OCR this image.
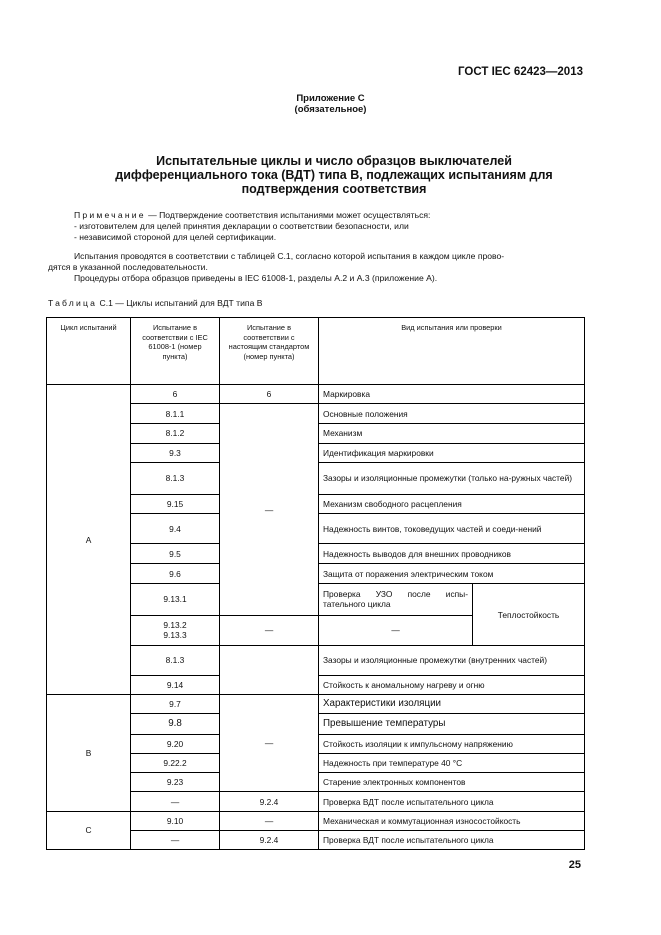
ГОСТ IEC 62423—2013
Приложение С
(обязательное)
Испытательные циклы и число образцов выключателей
дифференциального тока (ВДТ) типа В, подлежащих испытаниям для
подтверждения соответствия
Примечание — Подтверждение соответствия испытаниями может осуществляться:
- изготовителем для целей принятия декларации о соответствии безопасности, или
- независимой стороной для целей сертификации.
Испытания проводятся в соответствии с таблицей С.1, согласно которой испытания в каждом цикле прово-
дятся в указанной последовательности.
Процедуры отбора образцов приведены в IEC 61008-1, разделы А.2 и А.3 (приложение А).
Таблица С.1 — Циклы испытаний для ВДТ типа В
Цикл испытаний	Испытание в соответствии с IEC 61008-1 (номер пункта)	Испытание в соответствии с настоящим стандартом (номер пункта)	Вид испытания или проверки	
А	6	6	Маркировка	
	8.1.1	—	Основные положения	
	8.1.2		Механизм	
	9.3		Идентификация маркировки	
	8.1.3		Зазоры и изоляционные промежутки (только на-ружных частей)	
	9.15		Механизм свободного расцепления	
	9.4		Надежность винтов, токоведущих частей и соеди-нений	
	9.5		Надежность выводов для внешних проводников	
	9.6		Защита от поражения электрическим током	
	9.13.1		Проверка УЗО после испы-тательного цикла	Теплостойкость
	9.13.2
9.13.3	—	—	
	8.1.3		Зазоры и изоляционные промежутки (внутренних частей)	
	9.14		Стойкость к аномальному нагреву и огню	
В	9.7	—	Характеристики изоляции	
	9.8		Превышение температуры	
	9.20		Стойкость изоляции к импульсному напряжению	
	9.22.2		Надежность при температуре 40 °С	
	9.23		Старение электронных компонентов	
	—	9.2.4	Проверка ВДТ после испытательного цикла	
С	9.10	—	Механическая и коммутационная износостойкость	
	—	9.2.4	Проверка ВДТ после испытательного цикла	
25
